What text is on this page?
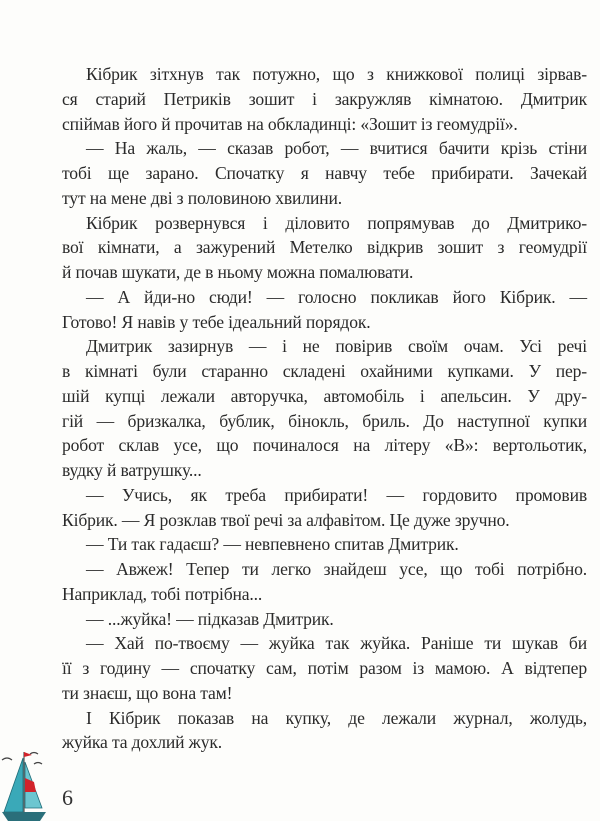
Кібрик зітхнув так потужно, що з книжкової полиці зірвав-
ся старий Петриків зошит і закружляв кімнатою. Дмитрик
спіймав його й прочитав на обкладинці: «Зошит із геомудрії».
— На жаль, — сказав робот, — вчитися бачити крізь стіни
тобі ще зарано. Спочатку я навчу тебе прибирати. Зачекай
тут на мене дві з половиною хвилини.
Кібрик розвернувся і діловито попрямував до Дмитрико-
вої кімнати, а зажурений Метелко відкрив зошит з геомудрії
й почав шукати, де в ньому можна помалювати.
— А йди-но сюди! — голосно покликав його Кібрик. —
Готово! Я навів у тебе ідеальний порядок.
Дмитрик зазирнув — і не повірив своїм очам. Усі речі
в кімнаті були старанно складені охайними купками. У пер-
шій купці лежали авторучка, автомобіль і апельсин. У дру-
гій — бризкалка, бублик, бінокль, бриль. До наступної купки
робот склав усе, що починалося на літеру «В»: вертольотик,
вудку й ватрушку...
— Учись, як треба прибирати! — гордовито промовив
Кібрик. — Я розклав твої речі за алфавітом. Це дуже зручно.
— Ти так гадаєш? — невпевнено спитав Дмитрик.
— Авжеж! Тепер ти легко знайдеш усе, що тобі потрібно.
Наприклад, тобі потрібна...
— ...жуйка! — підказав Дмитрик.
— Хай по-твоєму — жуйка так жуйка. Раніше ти шукав би
її з годину — спочатку сам, потім разом із мамою. А відтепер
ти знаєш, що вона там!
І Кібрик показав на купку, де лежали журнал, жолудь,
жуйка та дохлий жук.
6
